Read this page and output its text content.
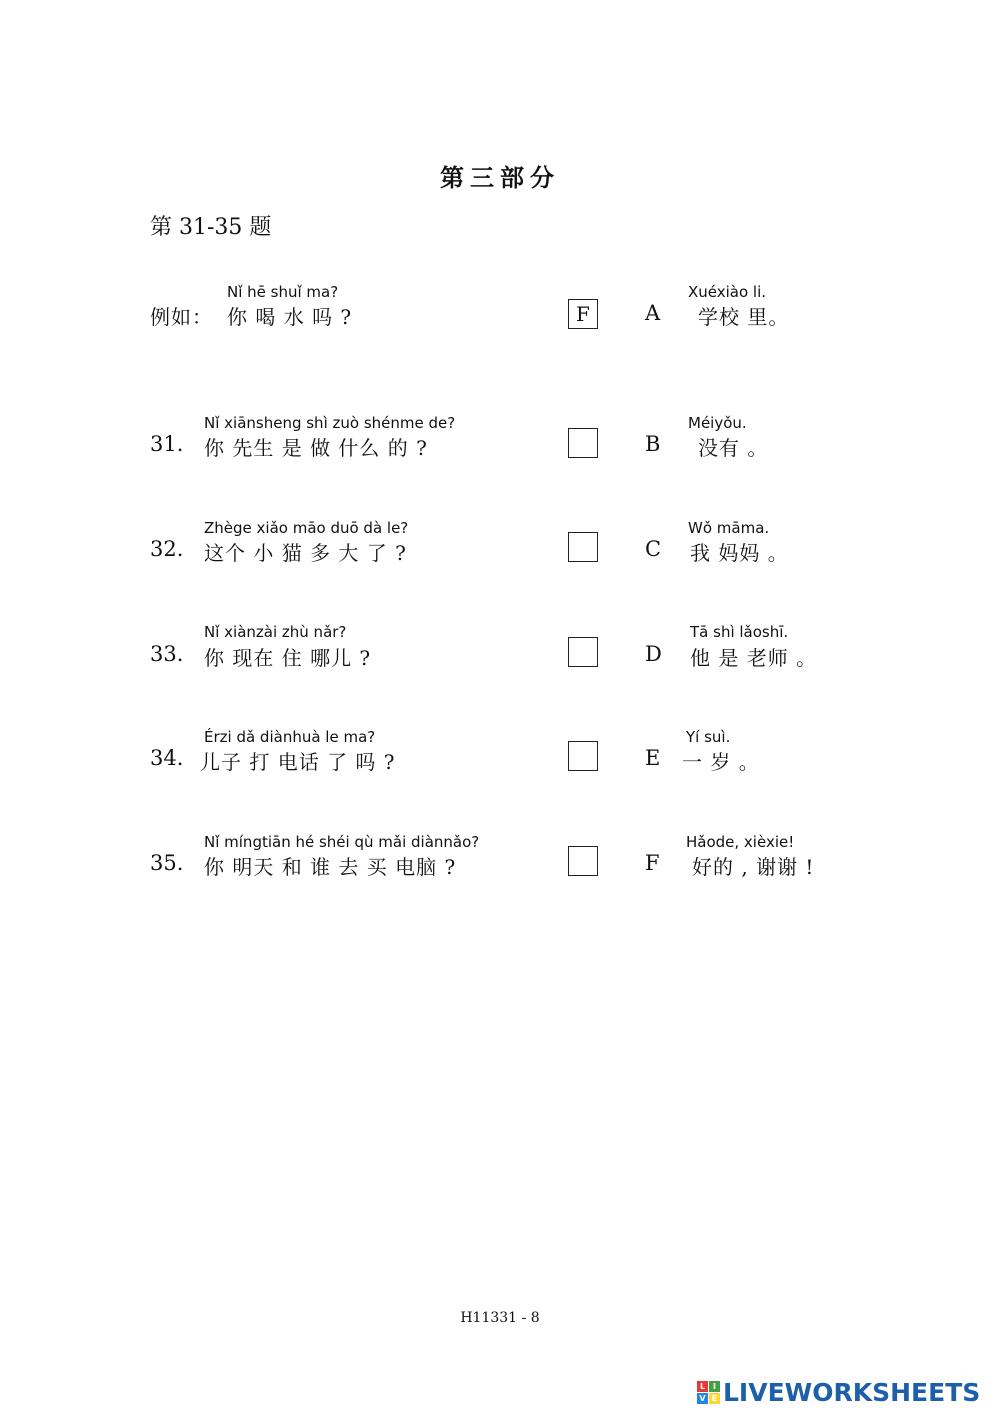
第三部分
第 31-35 题
Nǐ hē shuǐ ma?
例如： 你 喝 水 吗 ?	F
Nǐ xiānsheng shì zuò shénme de?
31. 你 先生 是 做 什么 的 ?
Zhège xiǎo māo duō dà le?
32. 这个 小 猫 多 大 了 ?
Nǐ xiànzài zhù nǎr?
33. 你 现在 住 哪儿 ?
Érzi dǎ diànhuà le ma?
34. 儿子 打 电话 了 吗 ?
Nǐ míngtiān hé shéi qù mǎi diànnǎo?
35. 你 明天 和 谁 去 买 电脑 ?
Xuéxiào li.
A 学校 里。
Méiyǒu.
B 没有 。
Wǒ māma.
C 我 妈妈 。
Tā shì lǎoshī.
D 他 是 老师 。
Yí suì.
E 一 岁 。
Hǎode, xièxie!
F 好的 , 谢谢 !
H11331 - 8
L I
V E LIVEWORKSHEETS
